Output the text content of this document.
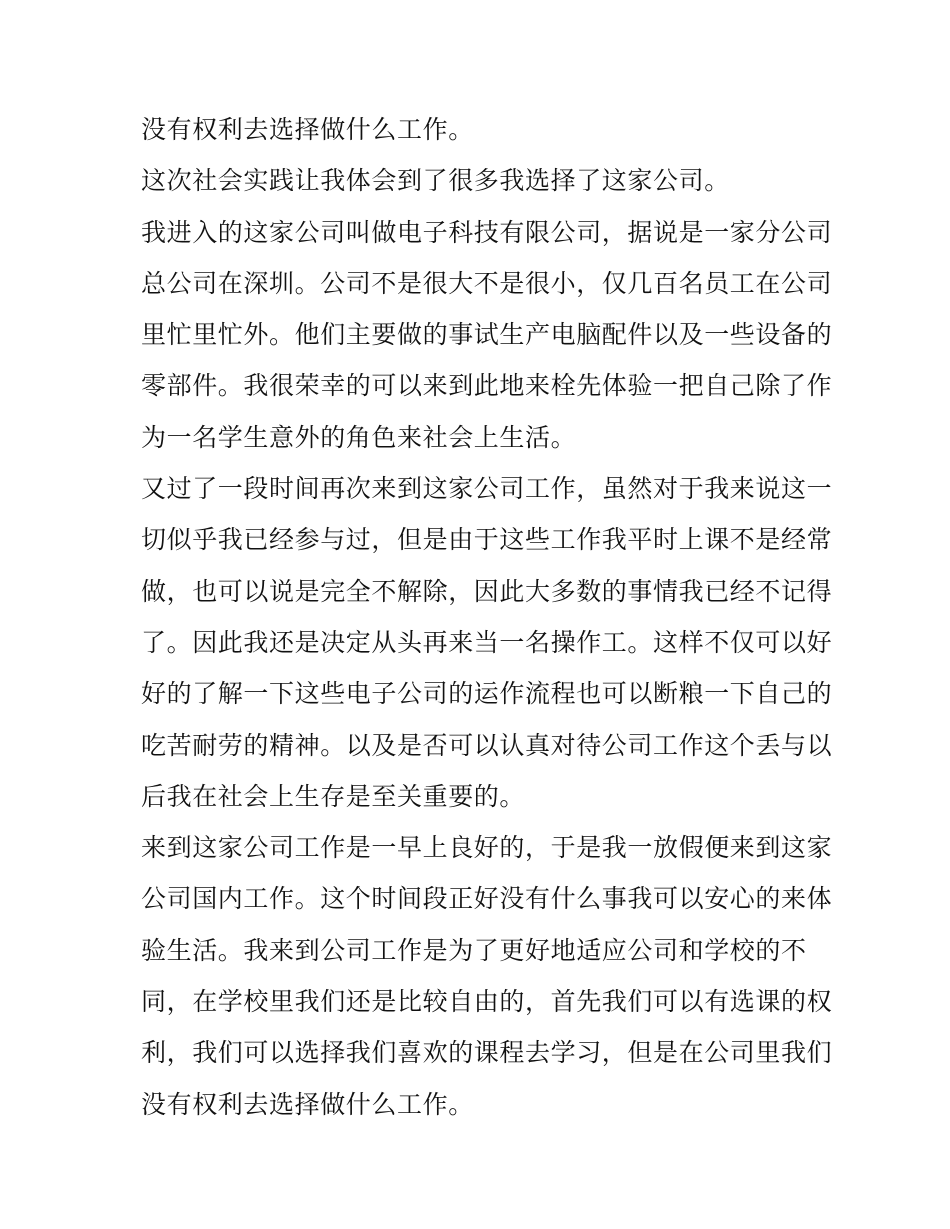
没有权利去选择做什么工作。
这次社会实践让我体会到了很多我选择了这家公司。
我进入的这家公司叫做电子科技有限公司，据说是一家分公司
总公司在深圳。公司不是很大不是很小，仅几百名员工在公司
里忙里忙外。他们主要做的事试生产电脑配件以及一些设备的
零部件。我很荣幸的可以来到此地来栓先体验一把自己除了作
为一名学生意外的角色来社会上生活。
又过了一段时间再次来到这家公司工作，虽然对于我来说这一
切似乎我已经参与过，但是由于这些工作我平时上课不是经常
做，也可以说是完全不解除，因此大多数的事情我已经不记得
了。因此我还是决定从头再来当一名操作工。这样不仅可以好
好的了解一下这些电子公司的运作流程也可以断粮一下自己的
吃苦耐劳的精神。以及是否可以认真对待公司工作这个丢与以
后我在社会上生存是至关重要的。
来到这家公司工作是一早上良好的，于是我一放假便来到这家
公司国内工作。这个时间段正好没有什么事我可以安心的来体
验生活。我来到公司工作是为了更好地适应公司和学校的不
同，在学校里我们还是比较自由的，首先我们可以有选课的权
利，我们可以选择我们喜欢的课程去学习，但是在公司里我们
没有权利去选择做什么工作。
